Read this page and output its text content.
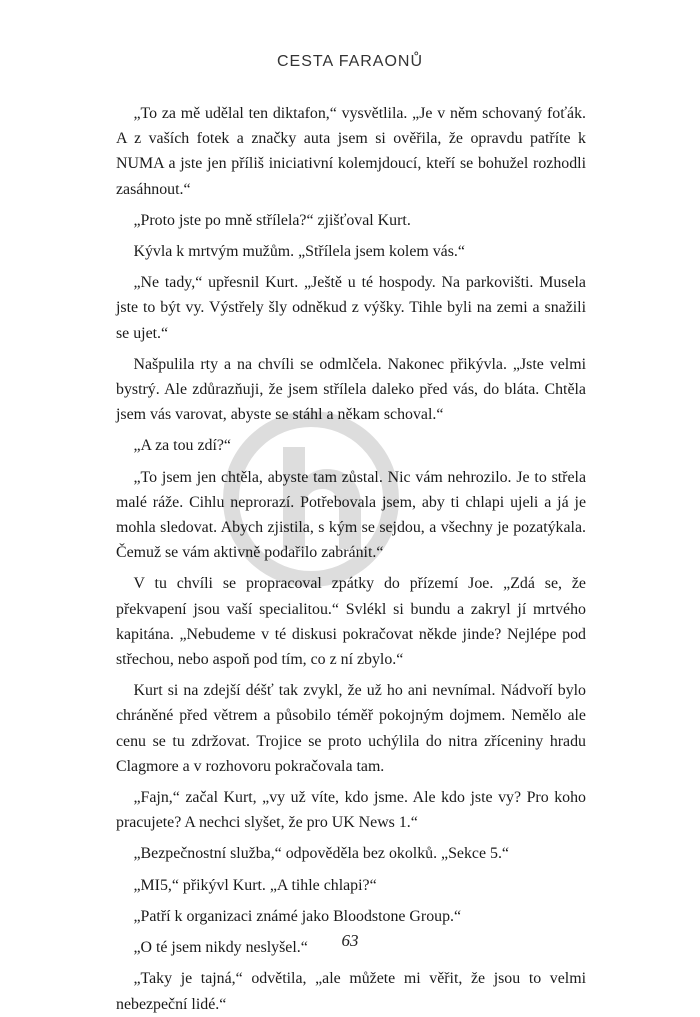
CESTA FARAONŮ

„To za mě udělal ten diktafon,“ vysvětlila. „Je v něm schovaný foťák. A z vaších fotek a značky auta jsem si ověřila, že opravdu patříte k NUMA a jste jen příliš iniciativní kolemjdoucí, kteří se bohužel rozhodli zasáhnout.“

„Proto jste po mně střílela?“ zjišťoval Kurt.

Kývla k mrtvým mužům. „Střílela jsem kolem vás.“

„Ne tady,“ upřesnil Kurt. „Ještě u té hospody. Na parkovišti. Musela jste to být vy. Výstřely šly odněkud z výšky. Tihle byli na zemi a snažili se ujet.“

Našpulila rty a na chvíli se odmlčela. Nakonec přikývla. „Jste velmi bystrý. Ale zdůrazňuji, že jsem střílela daleko před vás, do bláta. Chtěla jsem vás varovat, abyste se stáhl a někam schoval.“

„A za tou zdí?“

„To jsem jen chtěla, abyste tam zůstal. Nic vám nehrozilo. Je to střela malé ráže. Cihlu neprorazí. Potřebovala jsem, aby ti chlapi ujeli a já je mohla sledovat. Abych zjistila, s kým se sejdou, a všechny je pozatýkala. Čemuž se vám aktivně podařilo zabránit.“

V tu chvíli se propracoval zpátky do přízemí Joe. „Zdá se, že překvapení jsou vaší specialitou.“ Svlékl si bundu a zakryl jí mrtvého kapitána. „Nebudeme v té diskusi pokračovat někde jinde? Nejlépe pod střechou, nebo aspoň pod tím, co z ní zbylo.“

Kurt si na zdejší déšť tak zvykl, že už ho ani nevnímal. Nádvoří bylo chráněné před větrem a působilo téměř pokojným dojmem. Nemělo ale cenu se tu zdržovat. Trojice se proto uchýlila do nitra zříceniny hradu Clagmore a v rozhovoru pokračovala tam.

„Fajn,“ začal Kurt, „vy už víte, kdo jsme. Ale kdo jste vy? Pro koho pracujete? A nechci slyšet, že pro UK News 1.“

„Bezpečnostní služba,“ odpověděla bez okolků. „Sekce 5.“

„MI5,“ přikývl Kurt. „A tihle chlapi?“

„Patří k organizaci známé jako Bloodstone Group.“

„O té jsem nikdy neslyšel.“

„Taky je tajná,“ odvětila, „ale můžete mi věřit, že jsou to velmi nebezpeční lidé.“

63
